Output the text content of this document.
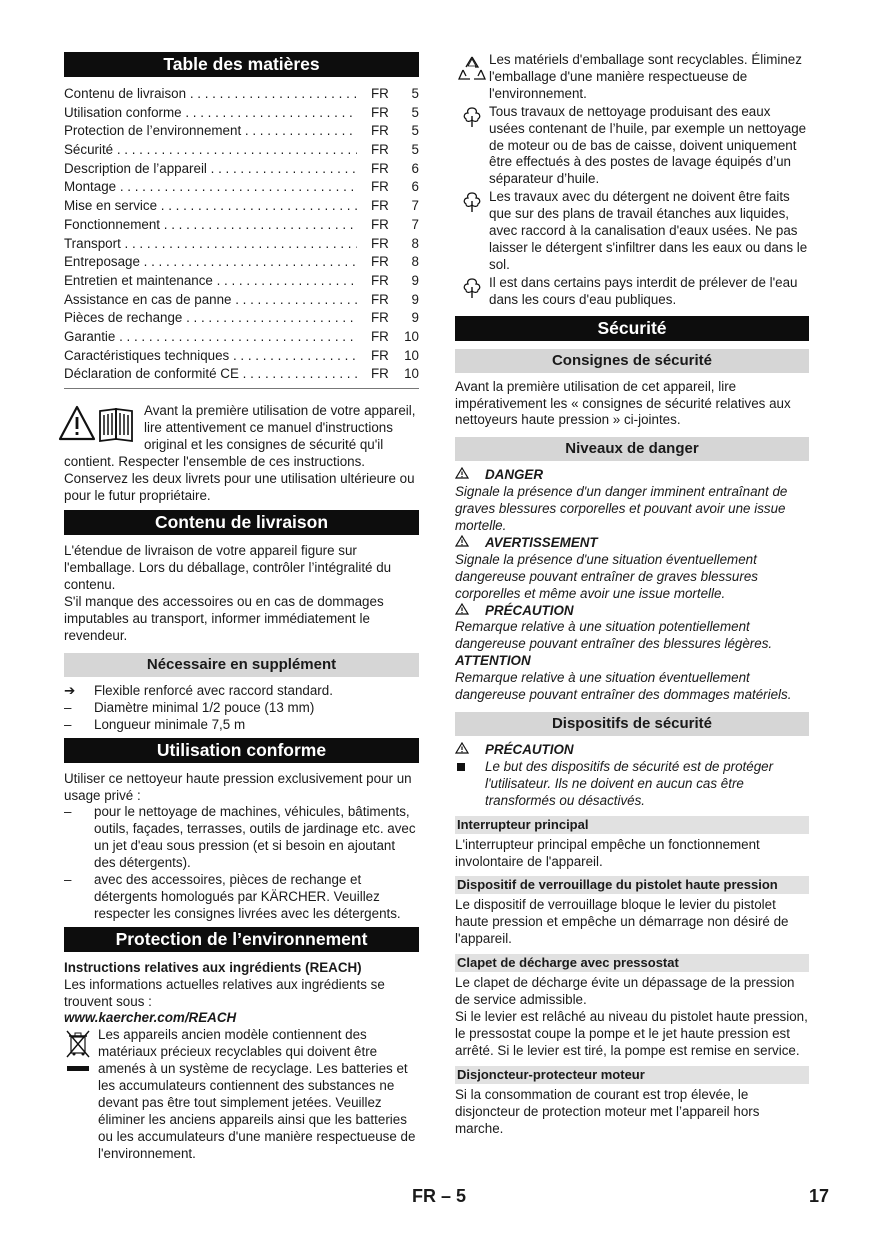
Table des matières
Contenu de livraison . . .	FR	5
Utilisation conforme . . .	FR	5
Protection de l’environnement . . .	FR	5
Sécurité . . .	FR	5
Description de l’appareil . . .	FR	6
Montage . . .	FR	6
Mise en service . . .	FR	7
Fonctionnement . . .	FR	7
Transport . . .	FR	8
Entreposage . . .	FR	8
Entretien et maintenance . . .	FR	9
Assistance en cas de panne . . .	FR	9
Pièces de rechange . . .	FR	9
Garantie . . .	FR	10
Caractéristiques techniques . . .	FR	10
Déclaration de conformité CE . . .	FR	10

Avant la première utilisation de votre appareil, lire attentivement ce manuel d'instructions original et les consignes de sécurité qu'il contient. Respecter l'ensemble de ces instructions. Conservez les deux livrets pour une utilisation ultérieure ou pour le futur propriétaire.

Contenu de livraison

L'étendue de livraison de votre appareil figure sur l'emballage. Lors du déballage, contrôler l’intégralité du contenu.

S'il manque des accessoires ou en cas de dommages imputables au transport, informer immédiatement le revendeur.

Nécessaire en supplément
➔	Flexible renforcé avec raccord standard.
–	Diamètre minimal 1/2 pouce (13 mm)
–	Longueur minimale 7,5 m
Utilisation conforme

Utiliser ce nettoyeur haute pression exclusivement pour un usage privé :

–	pour le nettoyage de machines, véhicules, bâtiments, outils, façades, terrasses, outils de jardinage etc. avec un jet d'eau sous pression (et si besoin en ajoutant des détergents).
–	avec des accessoires, pièces de rechange et détergents homologués par KÄRCHER. Veuillez respecter les consignes livrées avec les détergents.
Protection de l’environnement

Instructions relatives aux ingrédients (REACH)

Les informations actuelles relatives aux ingrédients se trouvent sous :

www.kaercher.com/REACH

Les appareils ancien modèle contiennent des matériaux précieux recyclables qui doivent être amenés à un système de recyclage. Les batteries et les accumulateurs contiennent des substances ne devant pas être tout simplement jetées. Veuillez éliminer les anciens appareils ainsi que les batteries ou les accumulateurs d'une manière respectueuse de l'environnement.

Les matériels d'emballage sont recyclables. Éliminez l'emballage d'une manière respectueuse de l'environnement.

Tous travaux de nettoyage produisant des eaux usées contenant de l’huile, par exemple un nettoyage de moteur ou de bas de caisse, doivent uniquement être effectués à des postes de lavage équipés d’un séparateur d’huile.

Les travaux avec du détergent ne doivent être faits que sur des plans de travail étanches aux liquides, avec raccord à la canalisation d'eaux usées. Ne pas laisser le détergent s'infiltrer dans les eaux ou dans le sol.

Il est dans certains pays interdit de prélever de l'eau dans les cours d'eau publiques.

Sécurité
Consignes de sécurité

Avant la première utilisation de cet appareil, lire impérativement les « consignes de sécurité relatives aux nettoyeurs haute pression » ci-jointes.

Niveaux de danger
DANGER

Signale la présence d'un danger imminent entraînant de graves blessures corporelles et pouvant avoir une issue mortelle.

AVERTISSEMENT

Signale la présence d'une situation éventuellement dangereuse pouvant entraîner de graves blessures corporelles et même avoir une issue mortelle.

PRÉCAUTION

Remarque relative à une situation potentiellement dangereuse pouvant entraîner des blessures légères.

ATTENTION

Remarque relative à une situation éventuellement dangereuse pouvant entraîner des dommages matériels.

Dispositifs de sécurité
PRÉCAUTION
Le but des dispositifs de sécurité est de protéger l'utilisateur. Ils ne doivent en aucun cas être transformés ou désactivés.
Interrupteur principal

L'interrupteur principal empêche un fonctionnement involontaire de l'appareil.

Dispositif de verrouillage du pistolet haute pression

Le dispositif de verrouillage bloque le levier du pistolet haute pression et empêche un démarrage non désiré de l'appareil.

Clapet de décharge avec pressostat

Le clapet de décharge évite un dépassage de la pression de service admissible.

Si le levier est relâché au niveau du pistolet haute pression, le pressostat coupe la pompe et le jet haute pression est arrêté. Si le levier est tiré, la pompe est remise en service.

Disjoncteur-protecteur moteur

Si la consommation de courant est trop élevée, le disjoncteur de protection moteur met l’appareil hors marche.

FR – 5	17
